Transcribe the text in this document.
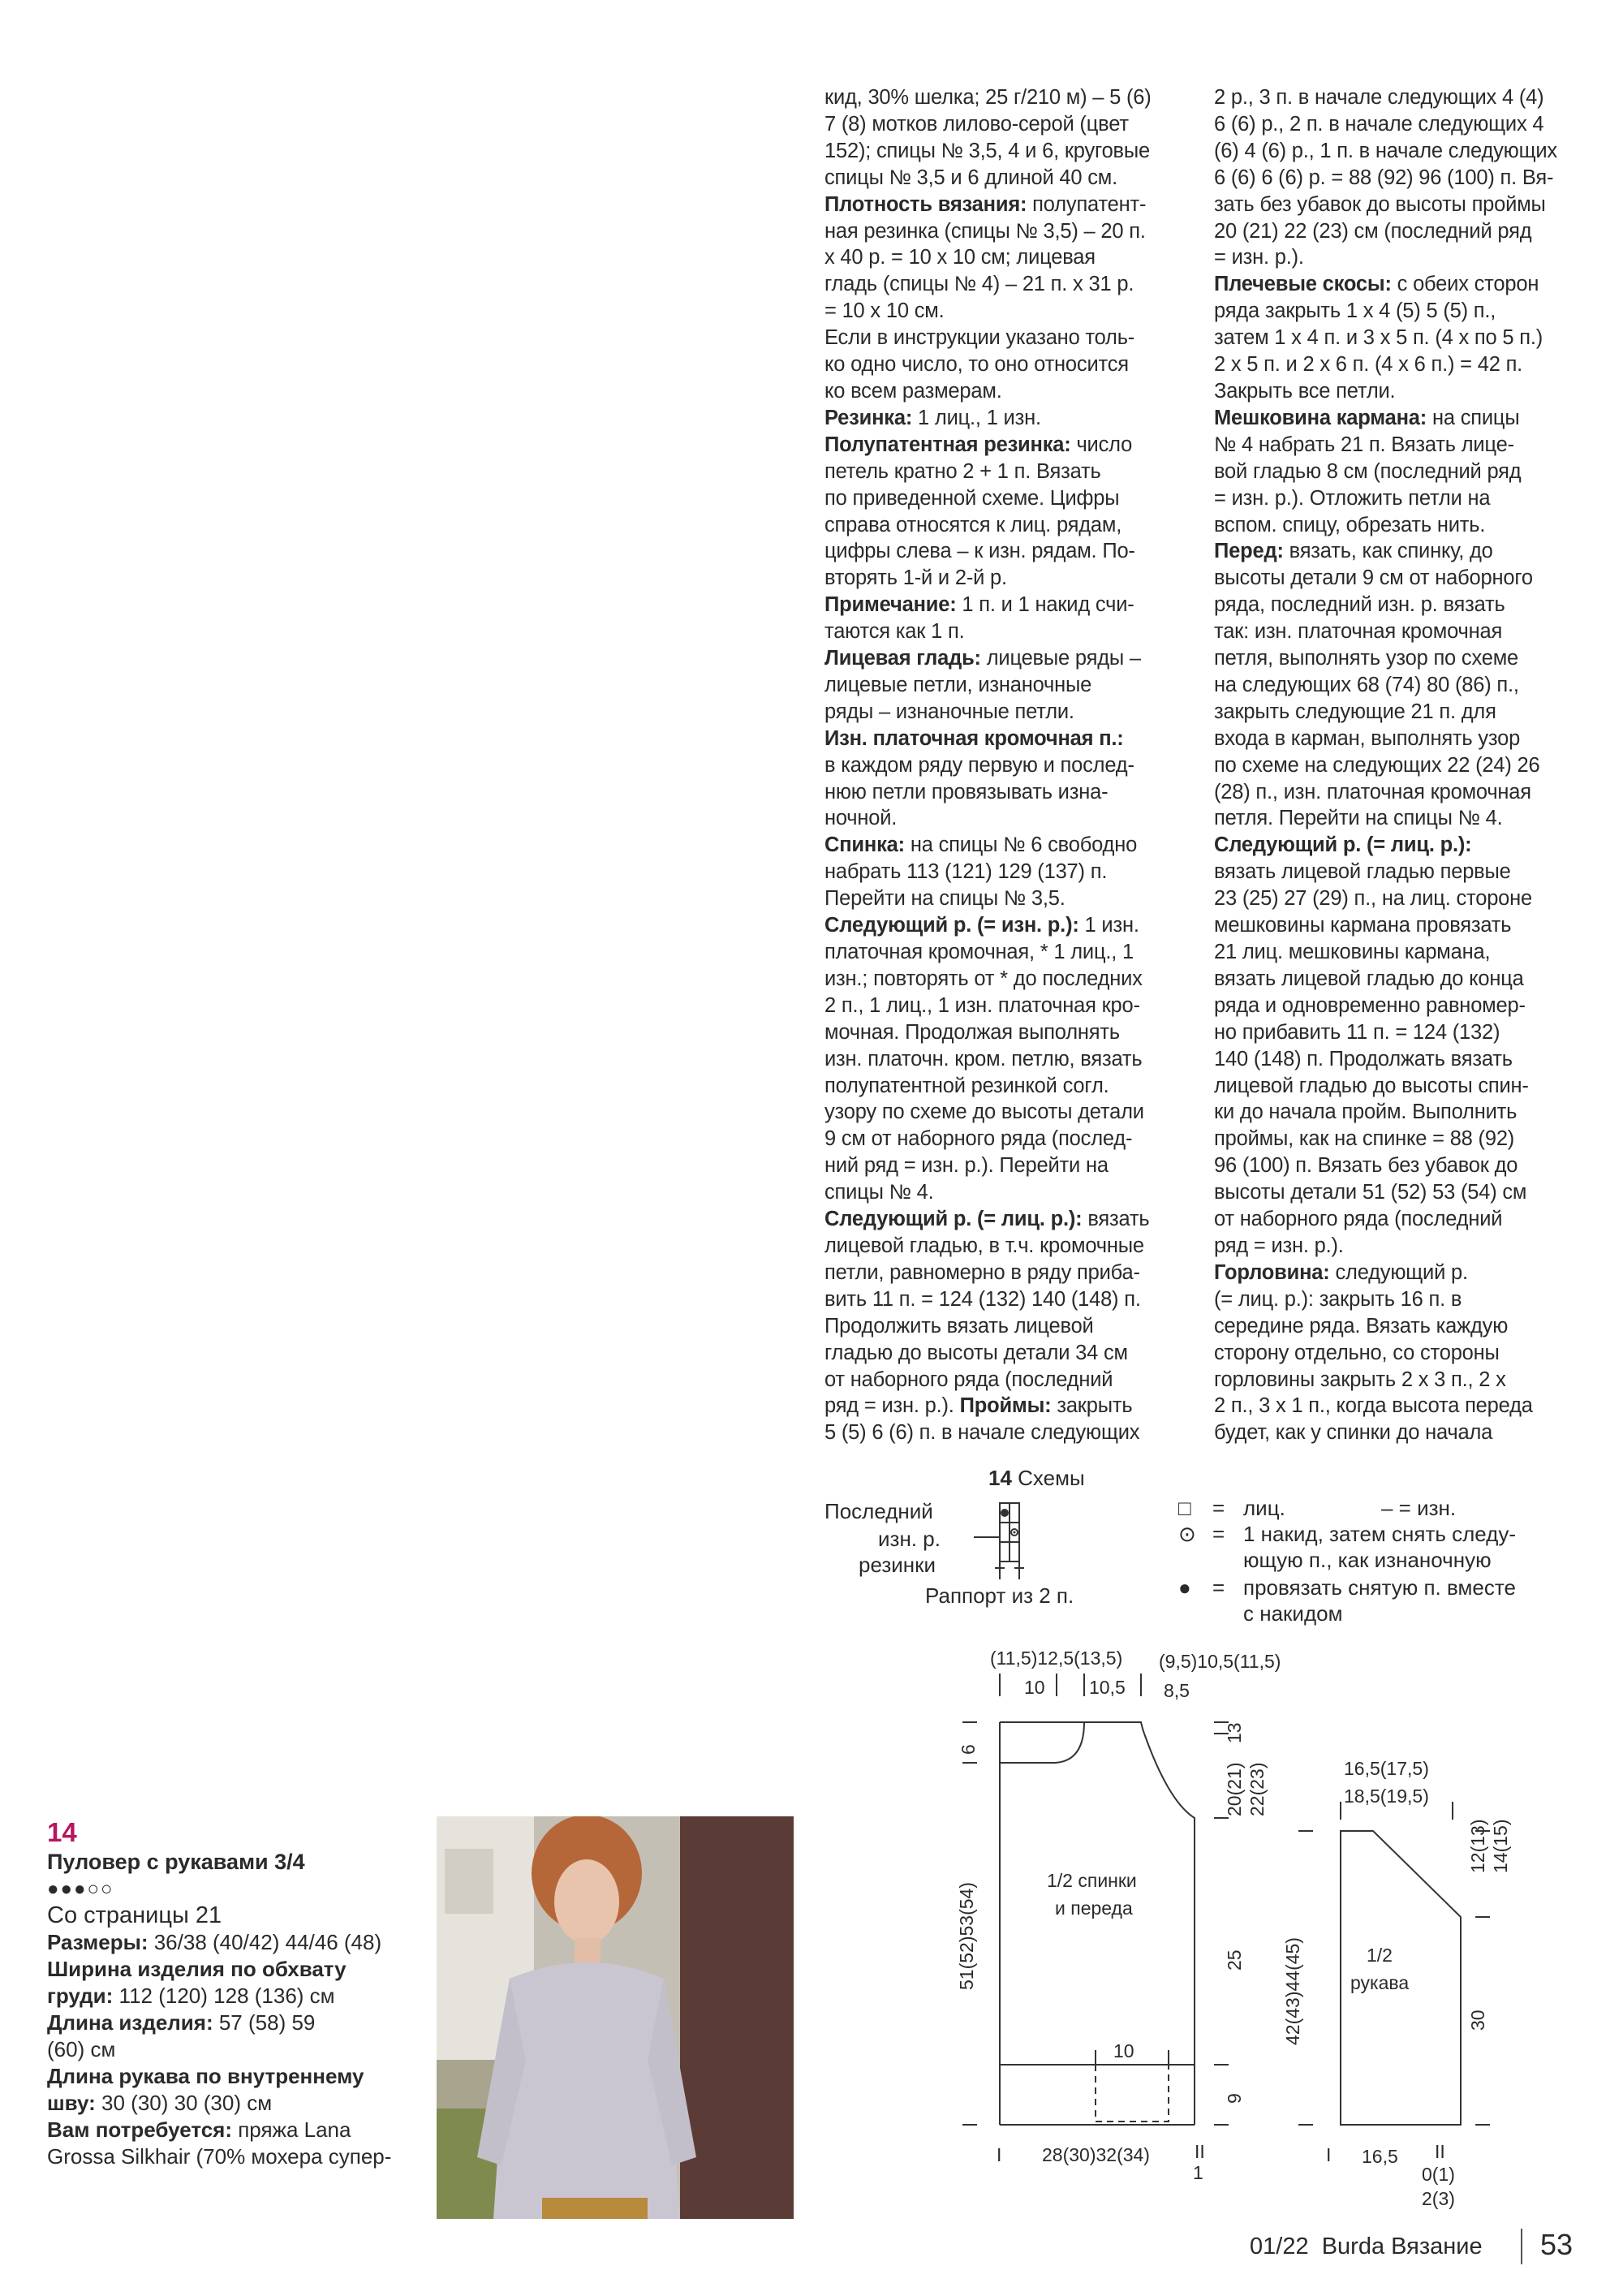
кид, 30% шелка; 25 г/210 м) – 5 (6)

7 (8) мотков лилово-серой (цвет

152); спицы № 3,5, 4 и 6, круговые

спицы № 3,5 и 6 длиной 40 см.

Плотность вязания: полупатент-

ная резинка (спицы № 3,5) – 20 п.

х 40 р. = 10 х 10 см; лицевая

гладь (спицы № 4) – 21 п. х 31 р.

= 10 х 10 см.

Если в инструкции указано толь-

ко одно число, то оно относится

ко всем размерам.

Резинка: 1 лиц., 1 изн.

Полупатентная резинка: число

петель кратно 2 + 1 п. Вязать

по приведенной схеме. Цифры

справа относятся к лиц. рядам,

цифры слева – к изн. рядам. По-

вторять 1-й и 2-й р.

Примечание: 1 п. и 1 накид счи-

таются как 1 п.

Лицевая гладь: лицевые ряды –

лицевые петли, изнаночные

ряды – изнаночные петли.

Изн. платочная кромочная п.:

в каждом ряду первую и послед-

нюю петли провязывать изна-

ночной.

Спинка: на спицы № 6 свободно

набрать 113 (121) 129 (137) п.

Перейти на спицы № 3,5.

Следующий р. (= изн. р.): 1 изн.

платочная кромочная, * 1 лиц., 1

изн.; повторять от * до последних

2 п., 1 лиц., 1 изн. платочная кро-

мочная. Продолжая выполнять

изн. платочн. кром. петлю, вязать

полупатентной резинкой согл.

узору по схеме до высоты детали

9 см от наборного ряда (послед-

ний ряд = изн. р.). Перейти на

спицы № 4.

Следующий р. (= лиц. р.): вязать

лицевой гладью, в т.ч. кромочные

петли, равномерно в ряду приба-

вить 11 п. = 124 (132) 140 (148) п.

Продолжить вязать лицевой

гладью до высоты детали 34 см

от наборного ряда (последний

ряд = изн. р.). Проймы: закрыть

5 (5) 6 (6) п. в начале следующих

2 р., 3 п. в начале следующих 4 (4)

6 (6) р., 2 п. в начале следующих 4

(6) 4 (6) р., 1 п. в начале следующих

6 (6) 6 (6) р. = 88 (92) 96 (100) п. Вя-

зать без убавок до высоты проймы

20 (21) 22 (23) см (последний ряд

= изн. р.).

Плечевые скосы: с обеих сторон

ряда закрыть 1 х 4 (5) 5 (5) п.,

затем 1 х 4 п. и 3 х 5 п. (4 х по 5 п.)

2 х 5 п. и 2 х 6 п. (4 х 6 п.) = 42 п.

Закрыть все петли.

Мешковина кармана: на спицы

№ 4 набрать 21 п. Вязать лице-

вой гладью 8 см (последний ряд

= изн. р.). Отложить петли на

вспом. спицу, обрезать нить.

Перед: вязать, как спинку, до

высоты детали 9 см от наборного

ряда, последний изн. р. вязать

так: изн. платочная кромочная

петля, выполнять узор по схеме

на следующих 68 (74) 80 (86) п.,

закрыть следующие 21 п. для

входа в карман, выполнять узор

по схеме на следующих 22 (24) 26

(28) п., изн. платочная кромочная

петля. Перейти на спицы № 4.

Следующий р. (= лиц. р.):

вязать лицевой гладью первые

23 (25) 27 (29) п., на лиц. стороне

мешковины кармана провязать

21 лиц. мешковины кармана,

вязать лицевой гладью до конца

ряда и одновременно равномер-

но прибавить 11 п. = 124 (132)

140 (148) п. Продолжать вязать

лицевой гладью до высоты спин-

ки до начала пройм. Выполнить

проймы, как на спинке = 88 (92)

96 (100) п. Вязать без убавок до

высоты детали 51 (52) 53 (54) см

от наборного ряда (последний

ряд = изн. р.).

Горловина: следующий р.

(= лиц. р.): закрыть 16 п. в

середине ряда. Вязать каждую

сторону отдельно, со стороны

горловины закрыть 2 х 3 п., 2 х

2 п., 3 х 1 п., когда высота переда

будет, как у спинки до начала

14 Схемы
Последний
изн. р.
резинки
Раппорт из 2 п.
□ = лиц.	– = изн.
⊙ = 1 накид, затем снять следу-
ющую п., как изнаночную
● = провязать снятую п. вместе
с накидом
(11,5)12,5(13,5) (9,5)10,5(11,5)
10 10,5 8,5
1/2 спинки
и переда
10
28(30)32(34) II
1
I
6
13
20(21) 22(23)
51(52)53(54)	25
9
16,5(17,5)
18,5(19,5)
1/2
рукава
16,5 II
I
0(1)
2(3)
42(43)44(45)
12(13) 14(15)
30
14

Пуловер с рукавами 3/4

●●●○○

Со страницы 21

Размеры: 36/38 (40/42) 44/46 (48)

Ширина изделия по обхвату

груди: 112 (120) 128 (136) см

Длина изделия: 57 (58) 59

(60) см

Длина рукава по внутреннему

шву: 30 (30) 30 (30) см

Вам потребуется: пряжа Lana

Grossa Silkhair (70% мохера супер-

01/22 Burda Вязание 53
